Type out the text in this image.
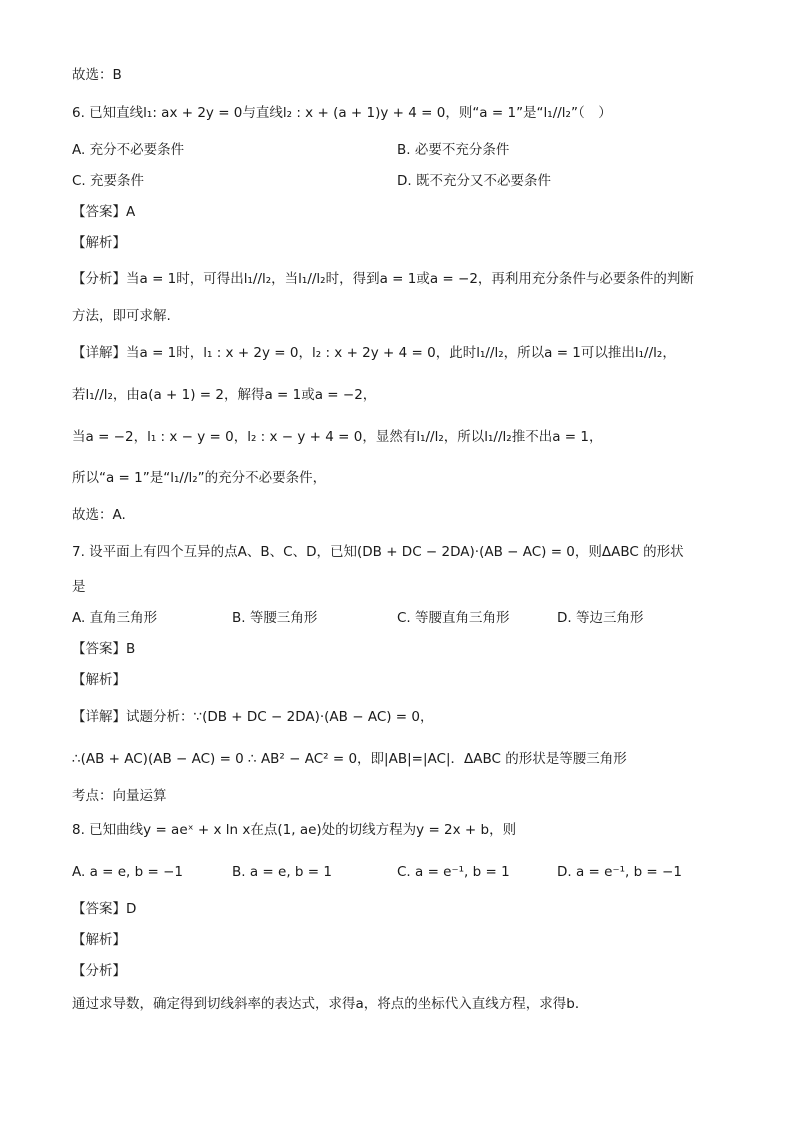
故选：B
6. 已知直线l₁: ax + 2y = 0与直线l₂ : x + (a + 1)y + 4 = 0，则“a = 1”是“l₁//l₂”（　）
A. 充分不必要条件	B. 必要不充分条件
C. 充要条件	D. 既不充分又不必要条件
【答案】A
【解析】
【分析】当a = 1时，可得出l₁//l₂，当l₁//l₂时，得到a = 1或a = −2，再利用充分条件与必要条件的判断
方法，即可求解.
【详解】当a = 1时，l₁ : x + 2y = 0，l₂ : x + 2y + 4 = 0，此时l₁//l₂，所以a = 1可以推出l₁//l₂，
若l₁//l₂，由a(a + 1) = 2，解得a = 1或a = −2，
当a = −2，l₁ : x − y = 0，l₂ : x − y + 4 = 0，显然有l₁//l₂，所以l₁//l₂推不出a = 1，
所以“a = 1”是“l₁//l₂”的充分不必要条件，
故选：A.
7. 设平面上有四个互异的点A、B、C、D，已知(DB + DC − 2DA)·(AB − AC) = 0，则ΔABC 的形状
是
A. 直角三角形	B. 等腰三角形	C. 等腰直角三角形	D. 等边三角形
【答案】B
【解析】
【详解】试题分析：∵(DB + DC − 2DA)·(AB − AC) = 0，
∴(AB + AC)(AB − AC) = 0 ∴ AB² − AC² = 0，即|AB|=|AC|．ΔABC 的形状是等腰三角形
考点：向量运算
8. 已知曲线y = aeˣ + x ln x在点(1, ae)处的切线方程为y = 2x + b，则
A. a = e, b = −1	B. a = e, b = 1	C. a = e⁻¹, b = 1	D. a = e⁻¹, b = −1
【答案】D
【解析】
【分析】
通过求导数，确定得到切线斜率的表达式，求得a，将点的坐标代入直线方程，求得b．
